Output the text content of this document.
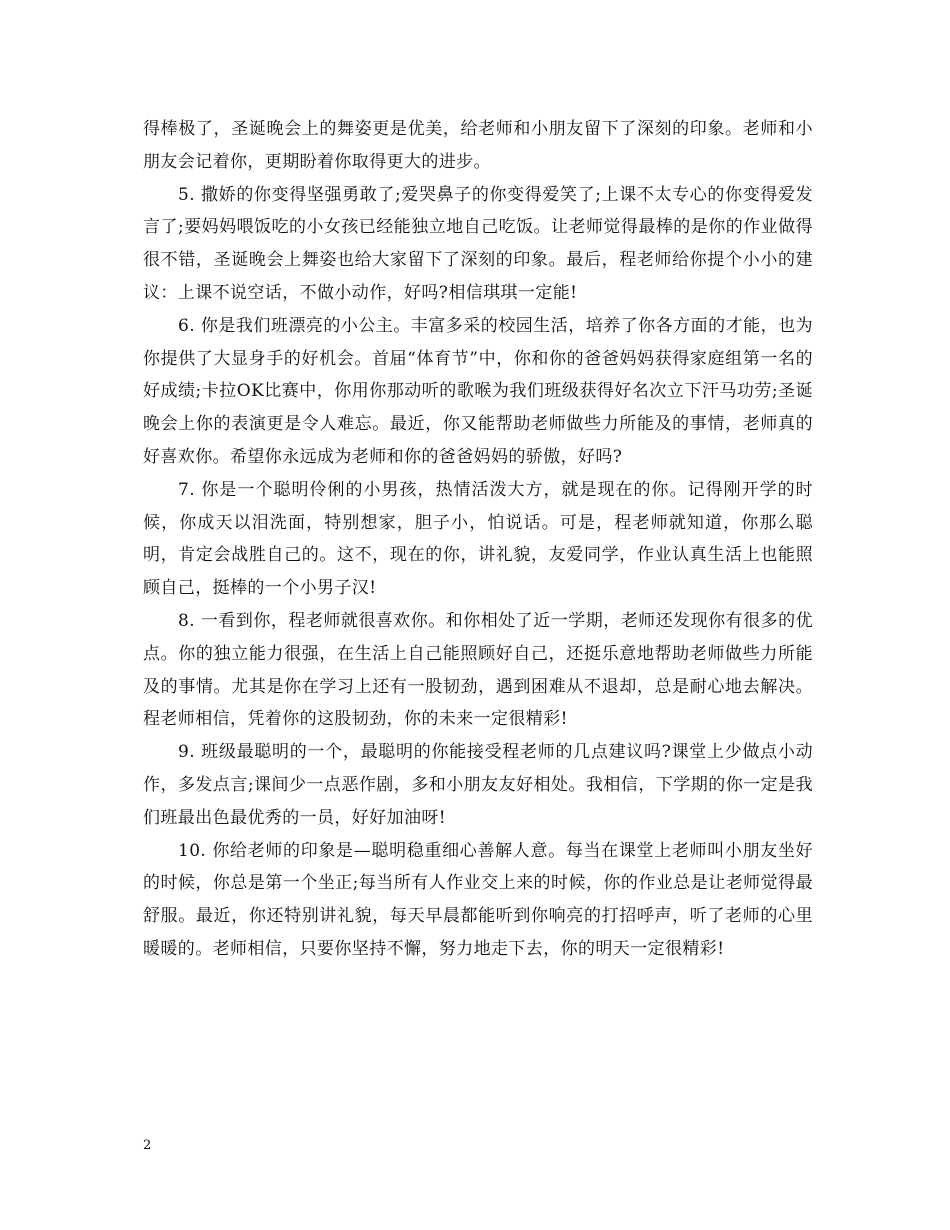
得棒极了，圣诞晚会上的舞姿更是优美，给老师和小朋友留下了深刻的印象。老师和小朋友会记着你，更期盼着你取得更大的进步。

5. 撒娇的你变得坚强勇敢了;爱哭鼻子的你变得爱笑了;上课不太专心的你变得爱发言了;要妈妈喂饭吃的小女孩已经能独立地自己吃饭。让老师觉得最棒的是你的作业做得很不错，圣诞晚会上舞姿也给大家留下了深刻的印象。最后，程老师给你提个小小的建议：上课不说空话，不做小动作，好吗?相信琪琪一定能!

6. 你是我们班漂亮的小公主。丰富多采的校园生活，培养了你各方面的才能，也为你提供了大显身手的好机会。首届“体育节”中，你和你的爸爸妈妈获得家庭组第一名的好成绩;卡拉OK比赛中，你用你那动听的歌喉为我们班级获得好名次立下汗马功劳;圣诞晚会上你的表演更是令人难忘。最近，你又能帮助老师做些力所能及的事情，老师真的好喜欢你。希望你永远成为老师和你的爸爸妈妈的骄傲，好吗?

7. 你是一个聪明伶俐的小男孩，热情活泼大方，就是现在的你。记得刚开学的时候，你成天以泪洗面，特别想家，胆子小，怕说话。可是，程老师就知道，你那么聪明，肯定会战胜自己的。这不，现在的你，讲礼貌，友爱同学，作业认真生活上也能照顾自己，挺棒的一个小男子汉!

8. 一看到你，程老师就很喜欢你。和你相处了近一学期，老师还发现你有很多的优点。你的独立能力很强，在生活上自己能照顾好自己，还挺乐意地帮助老师做些力所能及的事情。尤其是你在学习上还有一股韧劲，遇到困难从不退却，总是耐心地去解决。程老师相信，凭着你的这股韧劲，你的未来一定很精彩!

9. 班级最聪明的一个，最聪明的你能接受程老师的几点建议吗?课堂上少做点小动作，多发点言;课间少一点恶作剧，多和小朋友友好相处。我相信，下学期的你一定是我们班最出色最优秀的一员，好好加油呀!

10. 你给老师的印象是—聪明稳重细心善解人意。每当在课堂上老师叫小朋友坐好的时候，你总是第一个坐正;每当所有人作业交上来的时候，你的作业总是让老师觉得最舒服。最近，你还特别讲礼貌，每天早晨都能听到你响亮的打招呼声，听了老师的心里暖暖的。老师相信，只要你坚持不懈，努力地走下去，你的明天一定很精彩!

2
